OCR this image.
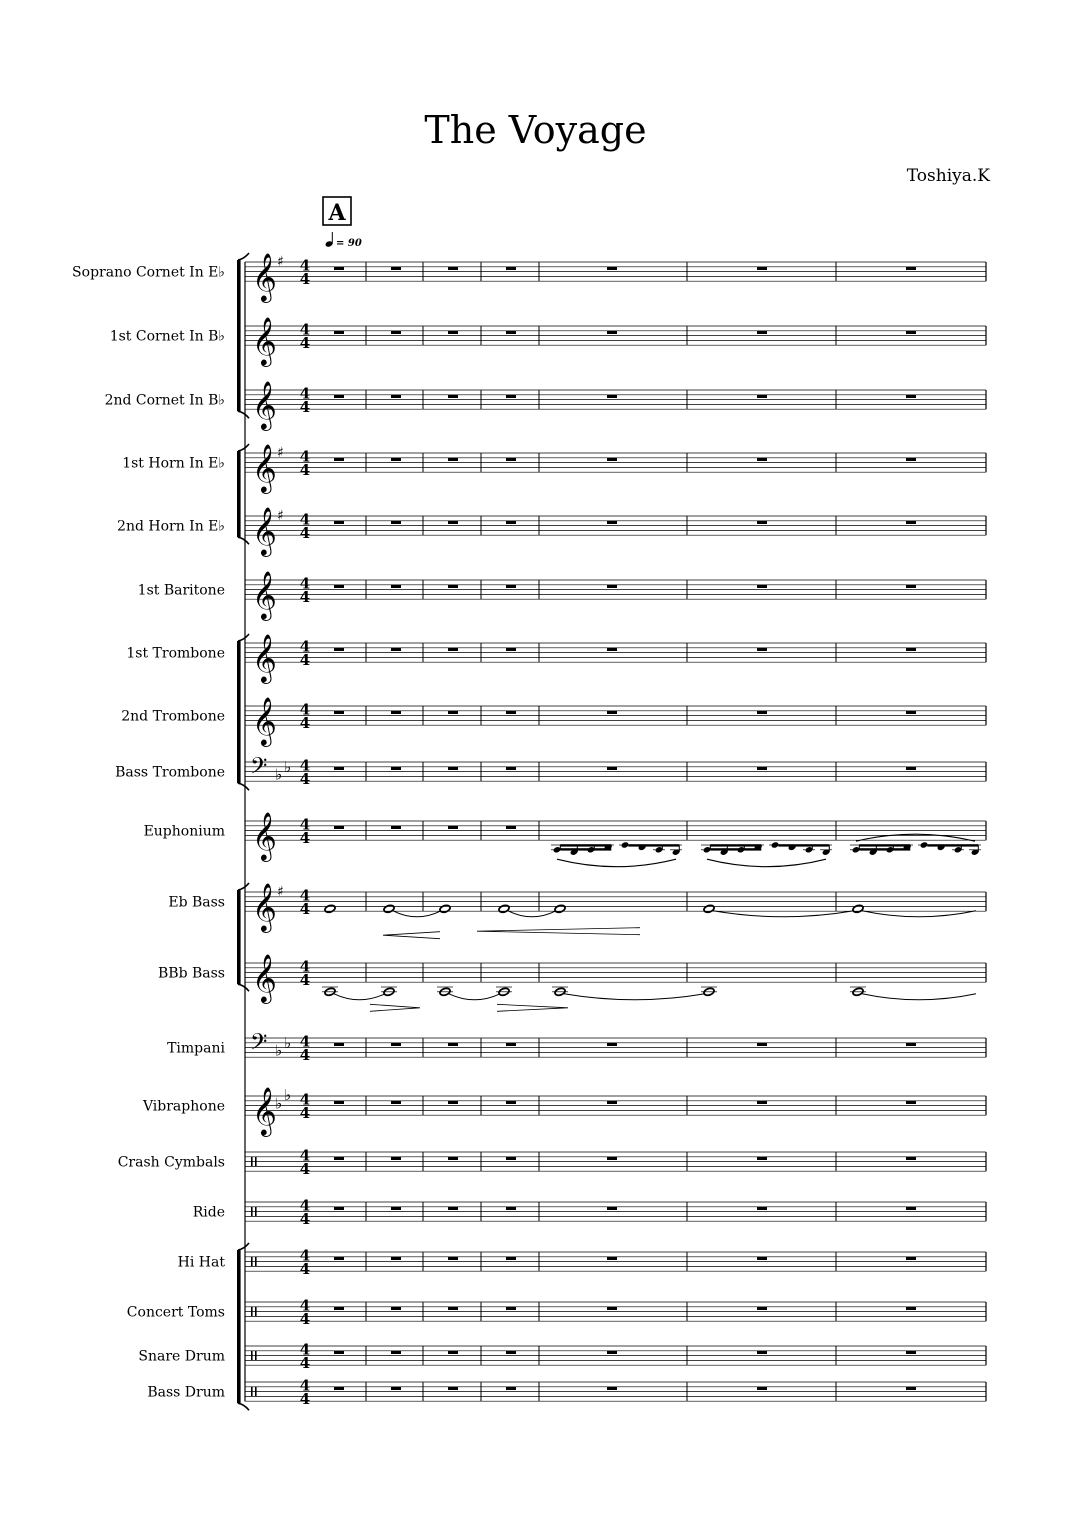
The Voyage
Toshiya.K
𝄞 ♯ 4
4
𝄞 4
4
𝄞 4
4
𝄞 ♯ 4
4
𝄞 ♯ 4
4
𝄞 4
4
𝄞 4
4
𝄞 4
4
𝄢 ♭ ♭ 4
4
𝄞 4
4
𝄞 ♯ 4
4
𝄞 4
4
𝄢 ♭ ♭ 4
4
𝄞
♭ ♭ 4
4
4
4
4
4
4
4
4
4
4
4
4
4
Soprano Cornet In E♭
1st Cornet In B♭
2nd Cornet In B♭
1st Horn In E♭
2nd Horn In E♭
1st Baritone
1st Trombone
2nd Trombone
Bass Trombone
Euphonium
Eb Bass
BBb Bass
Timpani
Vibraphone
Crash Cymbals
Ride
Hi Hat
Concert Toms
Snare Drum
Bass Drum
A
= 90
